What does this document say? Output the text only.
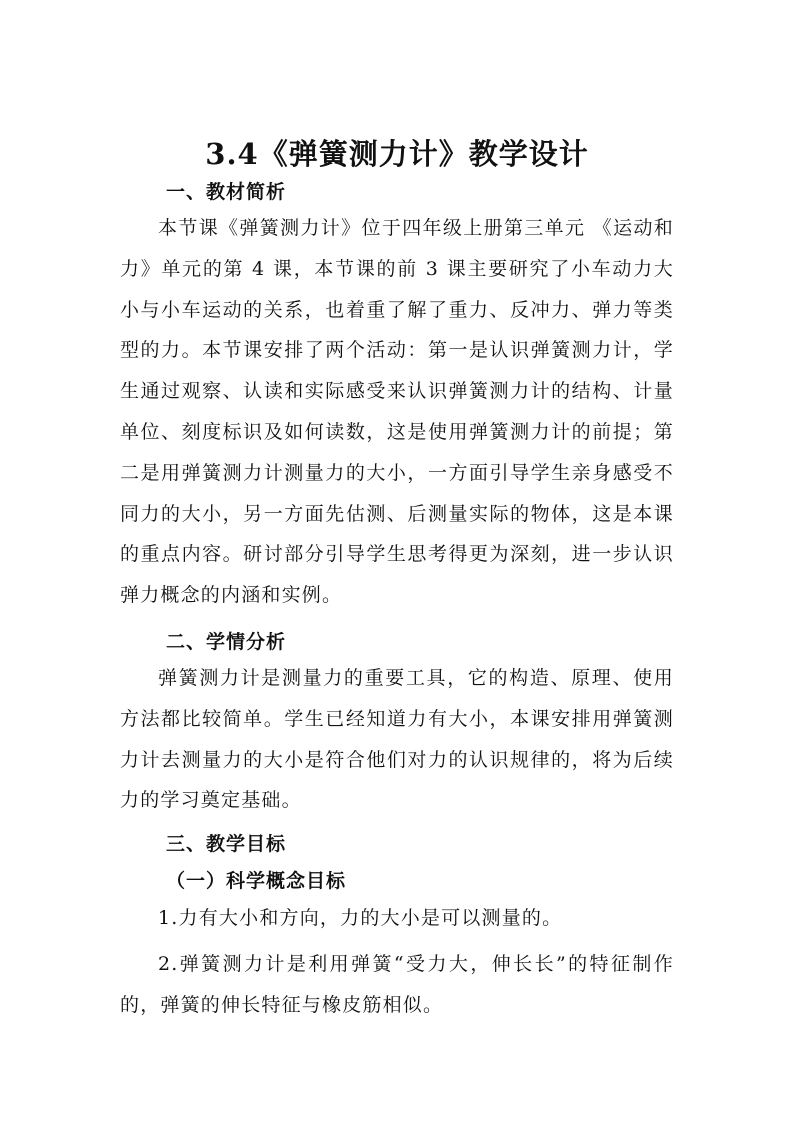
3.4《弹簧测力计》教学设计
一、教材简析

本节课《弹簧测力计》位于四年级上册第三单元 《运动和力》单元的第 4 课，本节课的前 3 课主要研究了小车动力大小与小车运动的关系，也着重了解了重力、反冲力、弹力等类型的力。本节课安排了两个活动：第一是认识弹簧测力计，学生通过观察、认读和实际感受来认识弹簧测力计的结构、计量单位、刻度标识及如何读数，这是使用弹簧测力计的前提；第二是用弹簧测力计测量力的大小，一方面引导学生亲身感受不同力的大小，另一方面先估测、后测量实际的物体，这是本课的重点内容。研讨部分引导学生思考得更为深刻，进一步认识弹力概念的内涵和实例。

二、学情分析

弹簧测力计是测量力的重要工具，它的构造、原理、使用方法都比较简单。学生已经知道力有大小，本课安排用弹簧测力计去测量力的大小是符合他们对力的认识规律的，将为后续力的学习奠定基础。

三、教学目标
（一）科学概念目标

1.力有大小和方向，力的大小是可以测量的。

2.弹簧测力计是利用弹簧“受力大，伸长长”的特征制作的，弹簧的伸长特征与橡皮筋相似。
